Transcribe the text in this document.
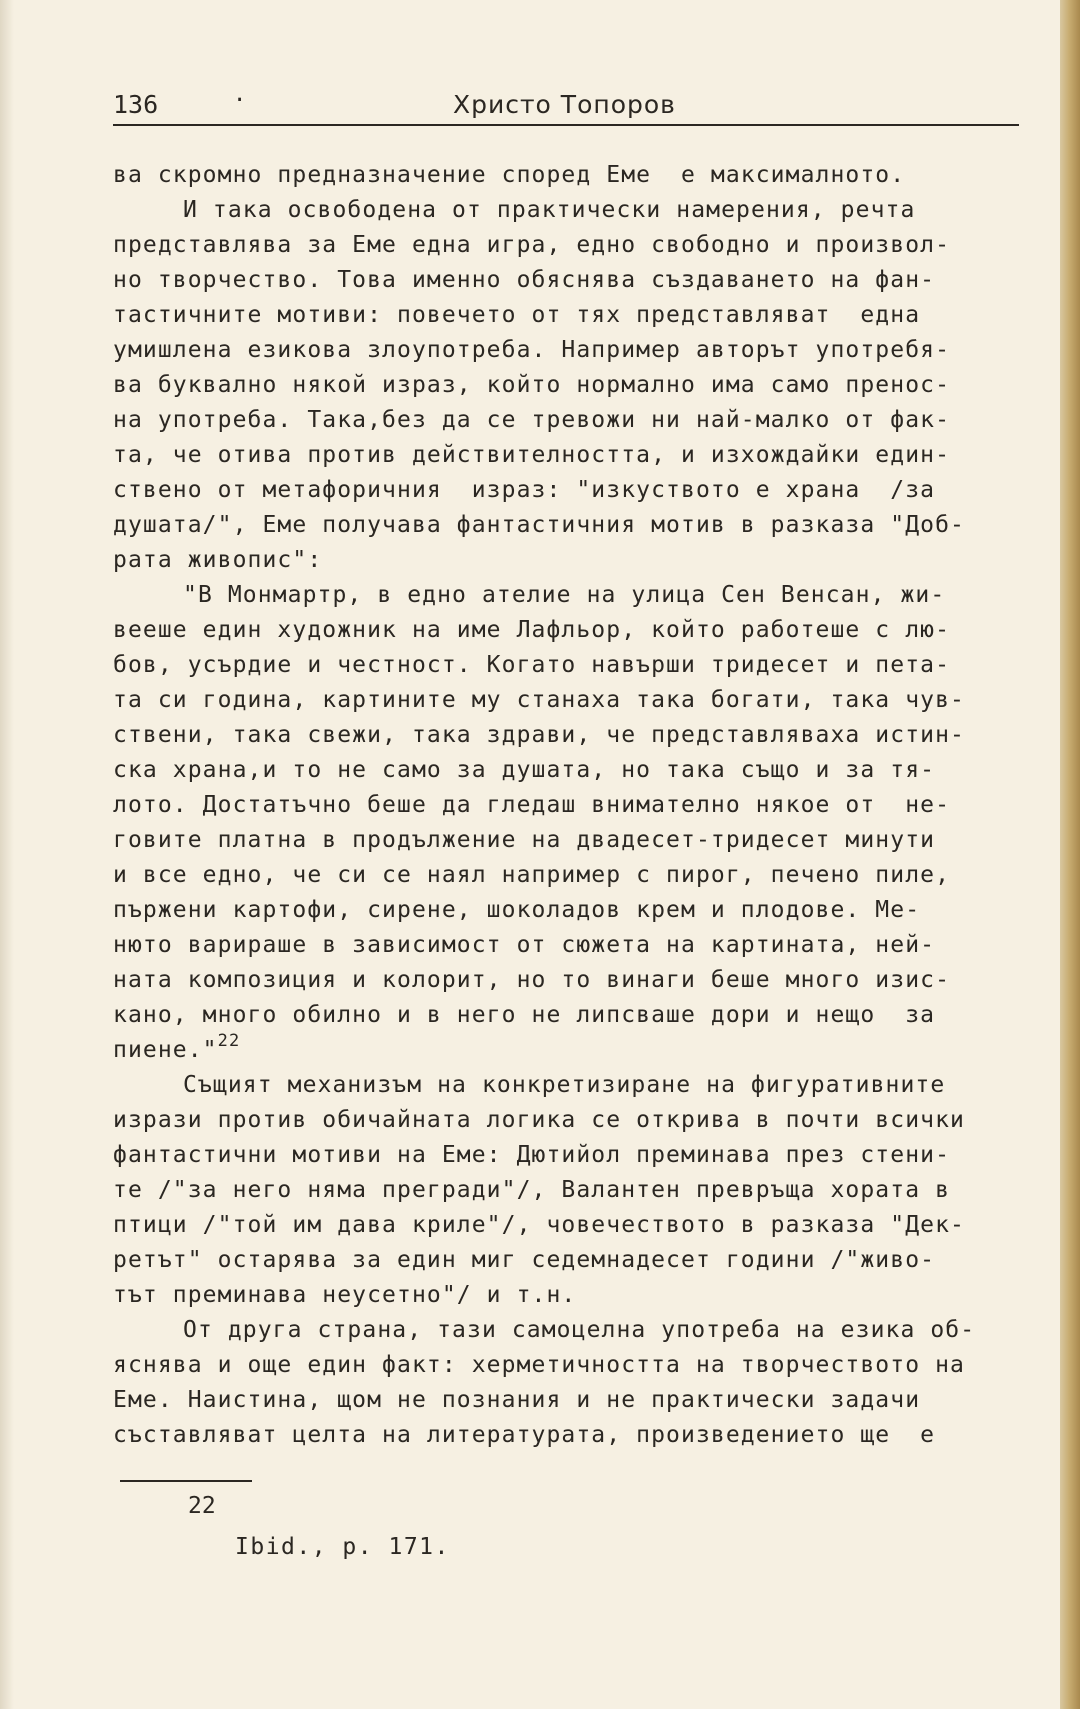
136	·	Христо Топоров
ва скромно предназначение според Еме  е максималното.
И така освободена от практически намерения, речта
представлява за Еме една игра, едно свободно и произвол-
но творчество. Това именно обяснява създаването на фан-
тастичните мотиви: повечето от тях представляват  една
умишлена езикова злоупотреба. Например авторът употребя-
ва буквално някой израз, който нормално има само пренос-
на употреба. Така,без да се тревожи ни най-малко от фак-
та, че отива против действителността, и изхождайки един-
ствено от метафоричния  израз: "изкуството е храна  /за
душата/", Еме получава фантастичния мотив в разказа "Доб-
рата живопис":
"В Монмартр, в едно ателие на улица Сен Венсан, жи-
вееше един художник на име Лафльор, който работеше с лю-
бов, усърдие и честност. Когато навърши тридесет и пета-
та си година, картините му станаха така богати, така чув-
ствени, така свежи, така здрави, че представляваха истин-
ска храна,и то не само за душата, но така също и за тя-
лото. Достатъчно беше да гледаш внимателно някое от  не-
говите платна в продължение на двадесет-тридесет минути
и все едно, че си се наял например с пирог, печено пиле,
пържени картофи, сирене, шоколадов крем и плодове. Ме-
нюто варираше в зависимост от сюжета на картината, ней-
ната композиция и колорит, но то винаги беше много изис-
кано, много обилно и в него не липсваше дори и нещо  за
пиене."$^{22}$
Същият механизъм на конкретизиране на фигуративните
изрази против обичайната логика се открива в почти всички
фантастични мотиви на Еме: Дютийол преминава през стени-
те /"за него няма прегради"/, Валантен превръща хората в
птици /"той им дава криле"/, човечеството в разказа "Дек-
ретът" остарява за един миг седемнадесет години /"живо-
тът преминава неусетно"/ и т.н.
От друга страна, тази самоцелна употреба на езика об-
яснява и още един факт: херметичността на творчеството на
Еме. Наистина, щом не познания и не практически задачи
съставляват целта на литературата, произведението ще  е
22
Ibid., p. 171.
